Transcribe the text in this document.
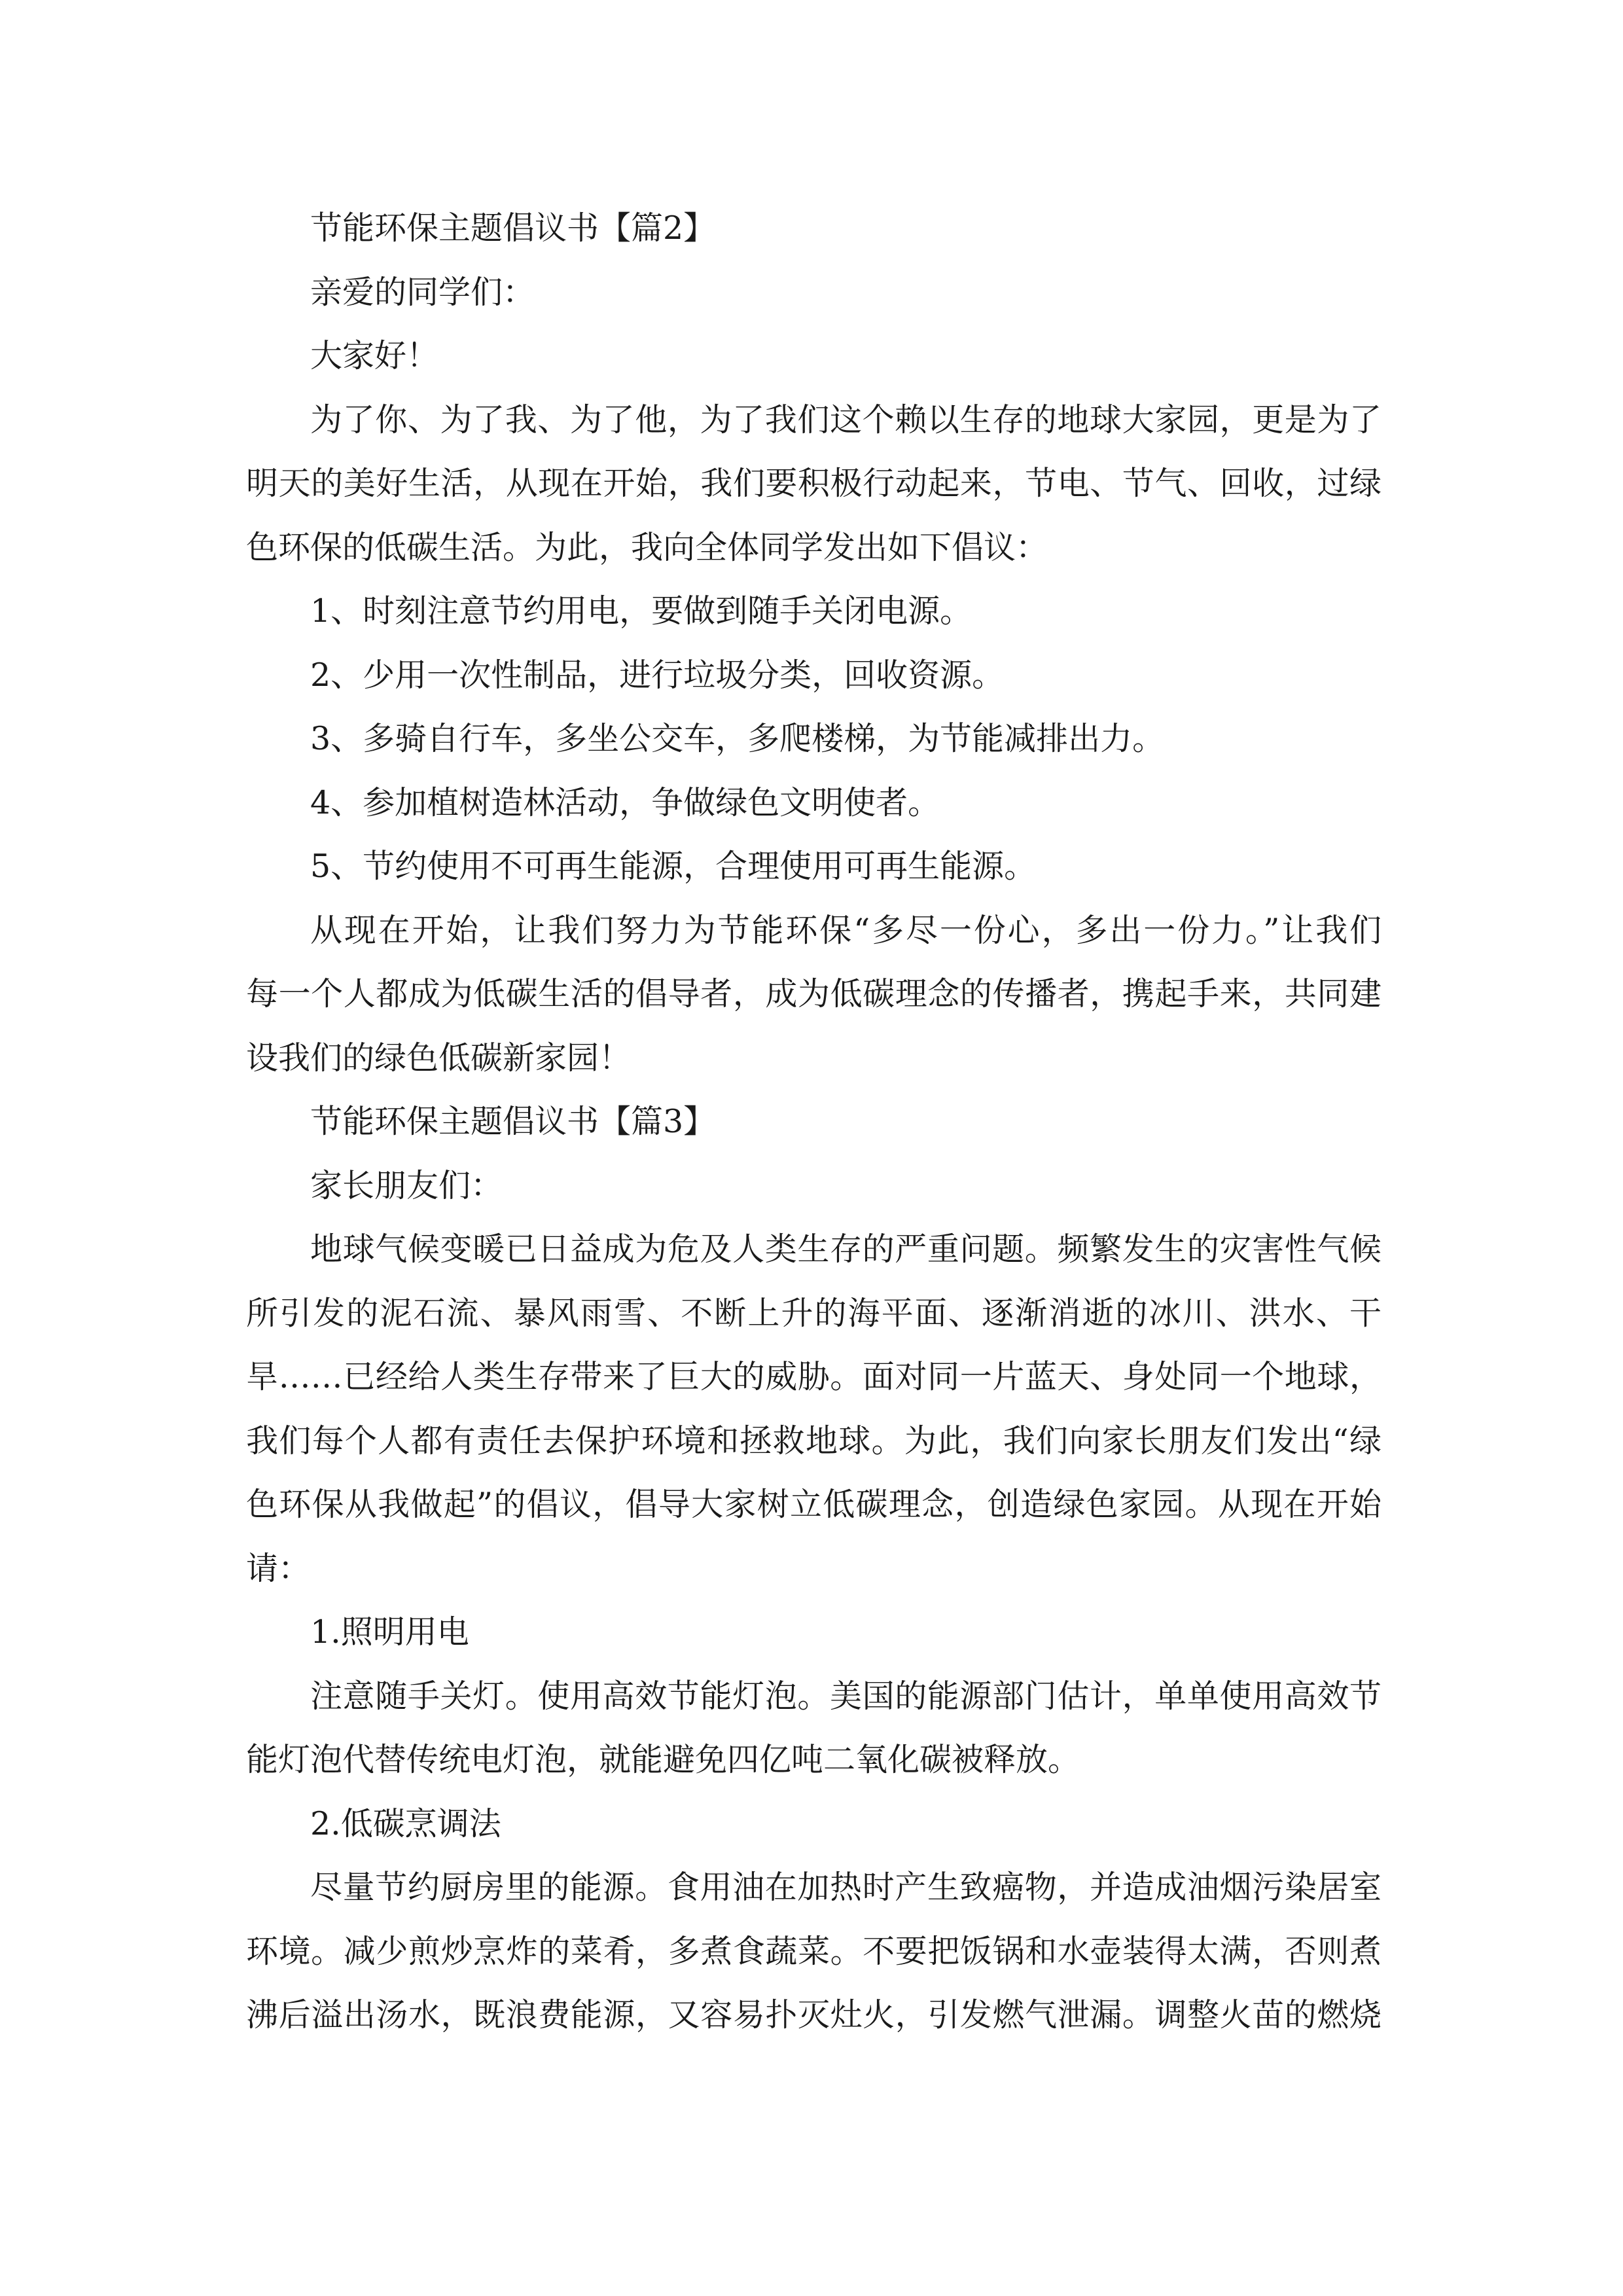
节能环保主题倡议书【篇2】
亲爱的同学们：
大家好！
为了你、为了我、为了他，为了我们这个赖以生存的地球大家园，更是为了
明天的美好生活，从现在开始，我们要积极行动起来，节电、节气、回收，过绿
色环保的低碳生活。为此，我向全体同学发出如下倡议：
1、时刻注意节约用电，要做到随手关闭电源。
2、少用一次性制品，进行垃圾分类，回收资源。
3、多骑自行车，多坐公交车，多爬楼梯，为节能减排出力。
4、参加植树造林活动，争做绿色文明使者。
5、节约使用不可再生能源，合理使用可再生能源。
从现在开始，让我们努力为节能环保“多尽一份心，多出一份力。”让我们
每一个人都成为低碳生活的倡导者，成为低碳理念的传播者，携起手来，共同建
设我们的绿色低碳新家园！
节能环保主题倡议书【篇3】
家长朋友们：
地球气候变暖已日益成为危及人类生存的严重问题。频繁发生的灾害性气候
所引发的泥石流、暴风雨雪、不断上升的海平面、逐渐消逝的冰川、洪水、干
旱……已经给人类生存带来了巨大的威胁。面对同一片蓝天、身处同一个地球，
我们每个人都有责任去保护环境和拯救地球。为此，我们向家长朋友们发出“绿
色环保从我做起”的倡议，倡导大家树立低碳理念，创造绿色家园。从现在开始
请：
1.照明用电
注意随手关灯。使用高效节能灯泡。美国的能源部门估计，单单使用高效节
能灯泡代替传统电灯泡，就能避免四亿吨二氧化碳被释放。
2.低碳烹调法
尽量节约厨房里的能源。食用油在加热时产生致癌物，并造成油烟污染居室
环境。减少煎炒烹炸的菜肴，多煮食蔬菜。不要把饭锅和水壶装得太满，否则煮
沸后溢出汤水，既浪费能源，又容易扑灭灶火，引发燃气泄漏。调整火苗的燃烧
